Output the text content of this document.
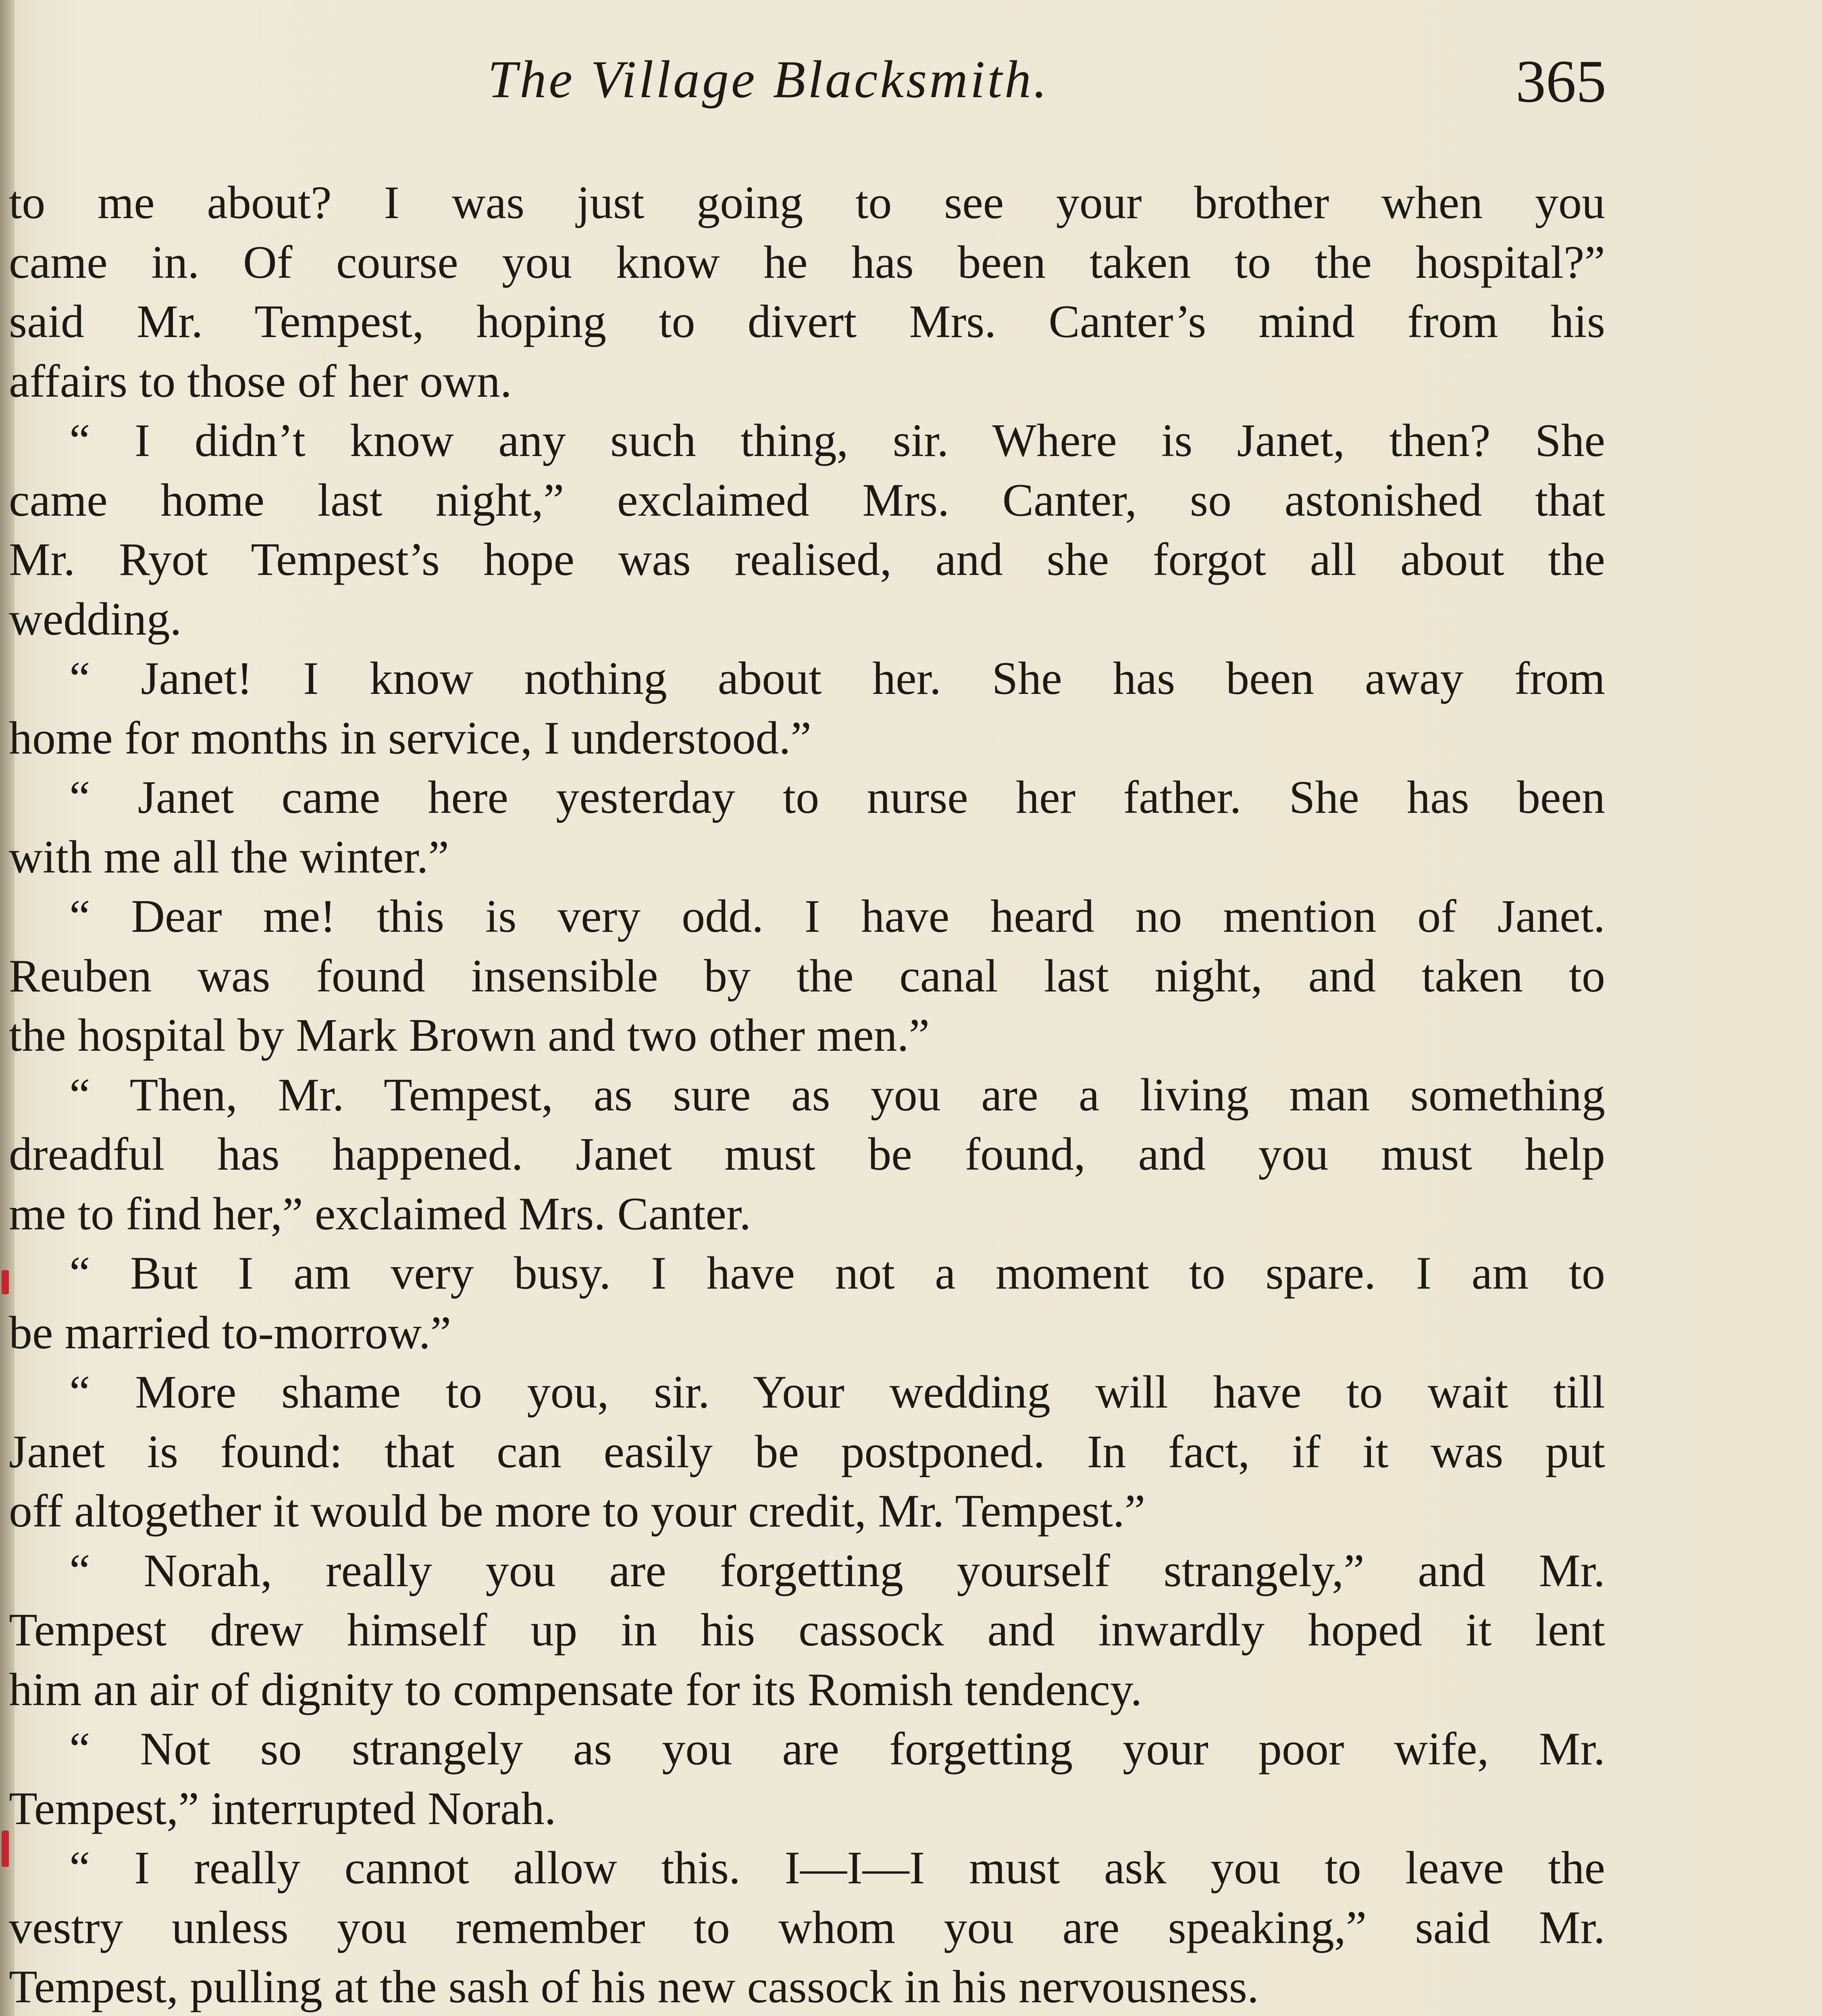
The Village Blacksmith.	365
to me about? I was just going to see your brother when you
came in. Of course you know he has been taken to the hospital?”
said Mr. Tempest, hoping to divert Mrs. Canter’s mind from his
affairs to those of her own.
“ I didn’t know any such thing, sir. Where is Janet, then? She
came home last night,” exclaimed Mrs. Canter, so astonished that
Mr. Ryot Tempest’s hope was realised, and she forgot all about the
wedding.
“ Janet! I know nothing about her. She has been away from
home for months in service, I understood.”
“ Janet came here yesterday to nurse her father. She has been
with me all the winter.”
“ Dear me! this is very odd. I have heard no mention of Janet.
Reuben was found insensible by the canal last night, and taken to
the hospital by Mark Brown and two other men.”
“ Then, Mr. Tempest, as sure as you are a living man something
dreadful has happened. Janet must be found, and you must help
me to find her,” exclaimed Mrs. Canter.
“ But I am very busy. I have not a moment to spare. I am to
be married to-morrow.”
“ More shame to you, sir. Your wedding will have to wait till
Janet is found: that can easily be postponed. In fact, if it was put
off altogether it would be more to your credit, Mr. Tempest.”
“ Norah, really you are forgetting yourself strangely,” and Mr.
Tempest drew himself up in his cassock and inwardly hoped it lent
him an air of dignity to compensate for its Romish tendency.
“ Not so strangely as you are forgetting your poor wife, Mr.
Tempest,” interrupted Norah.
“ I really cannot allow this. I—I—I must ask you to leave the
vestry unless you remember to whom you are speaking,” said Mr.
Tempest, pulling at the sash of his new cassock in his nervousness.
